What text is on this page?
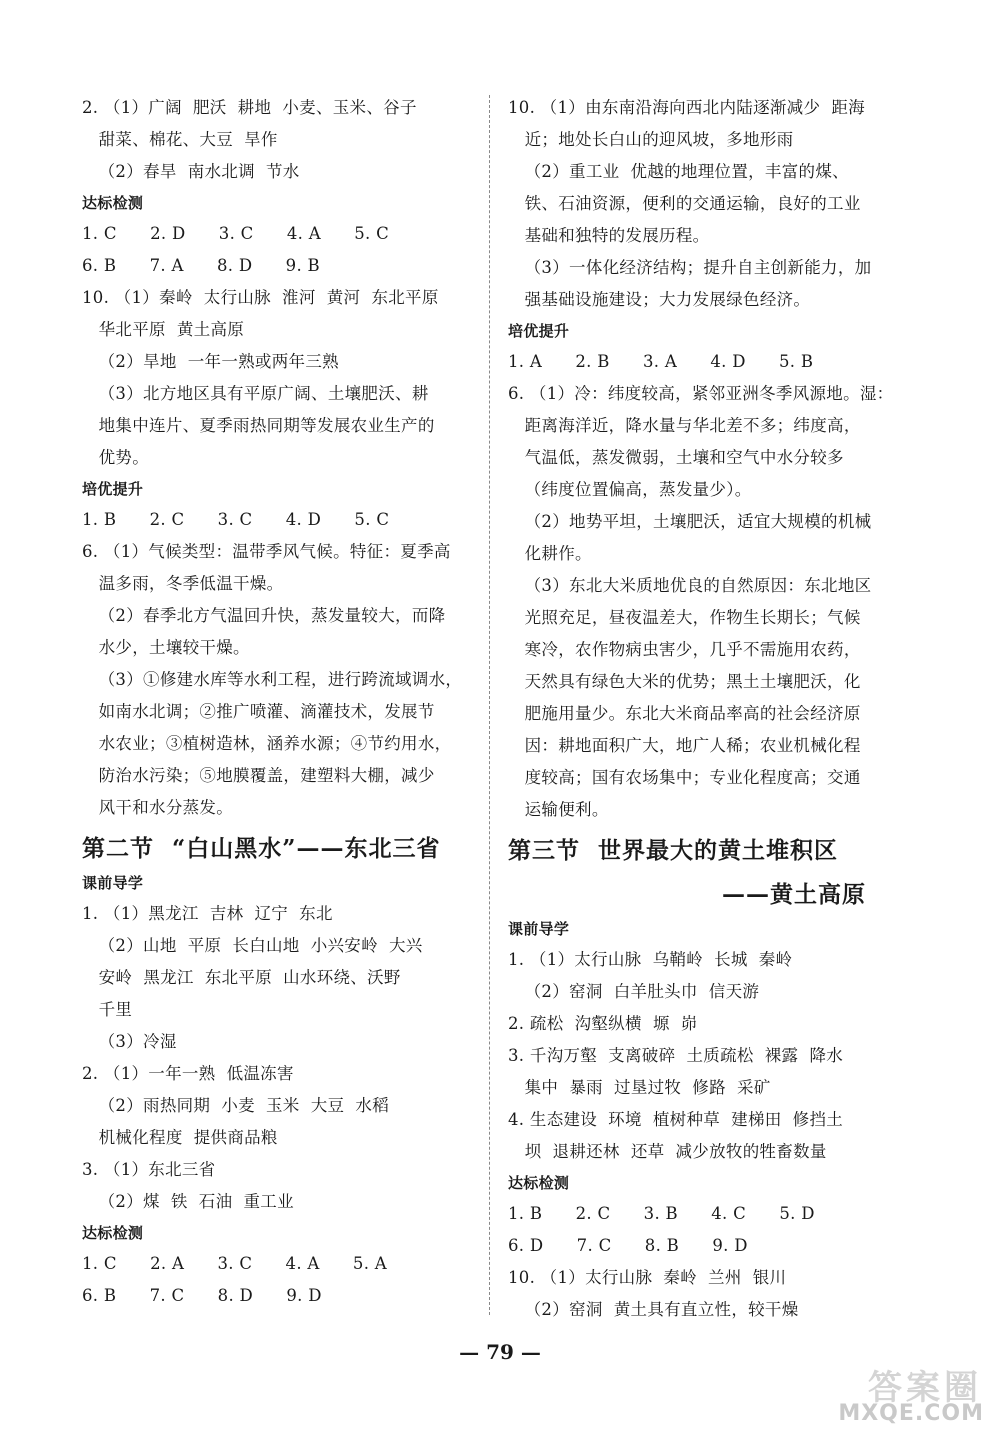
2. （1）广阔  肥沃  耕地  小麦、玉米、谷子
甜菜、棉花、大豆  旱作
（2）春旱  南水北调  节水
达标检测
1. C      2. D      3. C      4. A      5. C
6. B      7. A      8. D      9. B
10. （1）秦岭  太行山脉  淮河  黄河  东北平原
华北平原  黄土高原
（2）旱地  一年一熟或两年三熟
（3）北方地区具有平原广阔、土壤肥沃、耕
地集中连片、夏季雨热同期等发展农业生产的
优势。
培优提升
1. B      2. C      3. C      4. D      5. C
6. （1）气候类型：温带季风气候。特征：夏季高
温多雨，冬季低温干燥。
（2）春季北方气温回升快，蒸发量较大，而降
水少，土壤较干燥。
（3）①修建水库等水利工程，进行跨流域调水，
如南水北调；②推广喷灌、滴灌技术，发展节
水农业；③植树造林，涵养水源；④节约用水，
防治水污染；⑤地膜覆盖，建塑料大棚，减少
风干和水分蒸发。
第二节  “白山黑水”——东北三省
课前导学
1. （1）黑龙江  吉林  辽宁  东北
（2）山地  平原  长白山地  小兴安岭  大兴
安岭  黑龙江  东北平原  山水环绕、沃野
千里
（3）冷湿
2. （1）一年一熟  低温冻害
（2）雨热同期  小麦  玉米  大豆  水稻
机械化程度  提供商品粮
3. （1）东北三省
（2）煤  铁  石油  重工业
达标检测
1. C      2. A      3. C      4. A      5. A
6. B      7. C      8. D      9. D
10. （1）由东南沿海向西北内陆逐渐减少  距海
近；地处长白山的迎风坡，多地形雨
（2）重工业  优越的地理位置，丰富的煤、
铁、石油资源，便利的交通运输，良好的工业
基础和独特的发展历程。
（3）一体化经济结构；提升自主创新能力，加
强基础设施建设；大力发展绿色经济。
培优提升
1. A      2. B      3. A      4. D      5. B
6. （1）冷：纬度较高，紧邻亚洲冬季风源地。湿：
距离海洋近，降水量与华北差不多；纬度高，
气温低，蒸发微弱，土壤和空气中水分较多
（纬度位置偏高，蒸发量少）。
（2）地势平坦，土壤肥沃，适宜大规模的机械
化耕作。
（3）东北大米质地优良的自然原因：东北地区
光照充足，昼夜温差大，作物生长期长；气候
寒冷，农作物病虫害少，几乎不需施用农药，
天然具有绿色大米的优势；黑土土壤肥沃，化
肥施用量少。东北大米商品率高的社会经济原
因：耕地面积广大，地广人稀；农业机械化程
度较高；国有农场集中；专业化程度高；交通
运输便利。
第三节  世界最大的黄土堆积区
——黄土高原
课前导学
1. （1）太行山脉  乌鞘岭  长城  秦岭
（2）窑洞  白羊肚头巾  信天游
2. 疏松  沟壑纵横  塬  峁
3. 千沟万壑  支离破碎  土质疏松  裸露  降水
集中  暴雨  过垦过牧  修路  采矿
4. 生态建设  环境  植树种草  建梯田  修挡土
坝  退耕还林  还草  减少放牧的牲畜数量
达标检测
1. B      2. C      3. B      4. C      5. D
6. D      7. C      8. B      9. D
10. （1）太行山脉  秦岭  兰州  银川
（2）窑洞  黄土具有直立性，较干燥
— 79 —
答案圈
MXQE.COM
